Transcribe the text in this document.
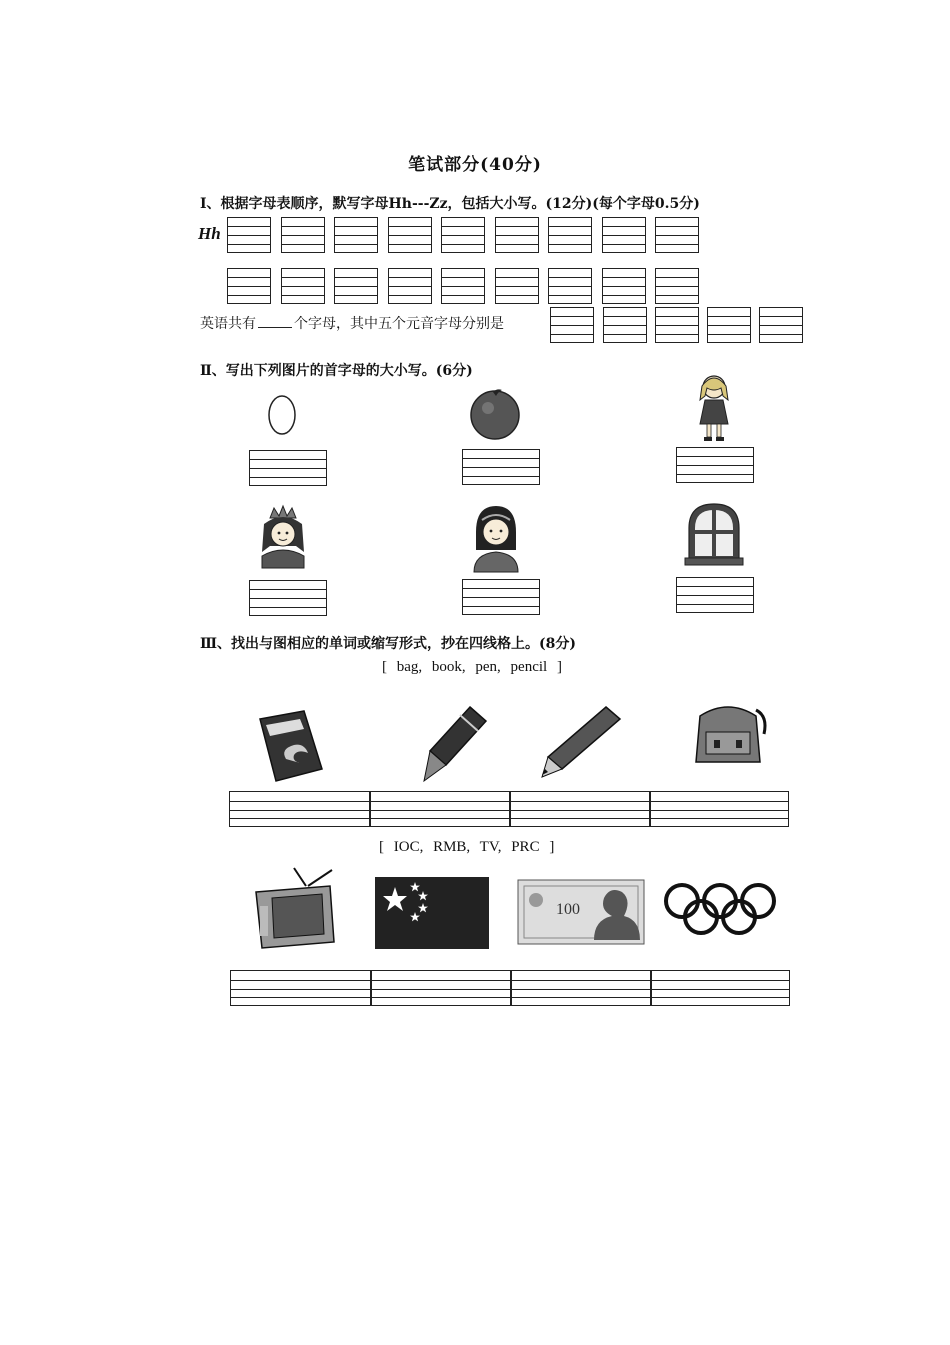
笔试部分(40分)
Ⅰ、根据字母表顺序，默写字母Hh---Zz，包括大小写。(12分)(每个字母0.5分)
Hh
英语共有	个字母，其中五个元音字母分别是
Ⅱ、写出下列图片的首字母的大小写。(6分)
Ⅲ、找出与图相应的单词或缩写形式，抄在四线格上。(8分)
[ bag, book, pen, pencil ]
[ IOC, RMB, TV, PRC ]
100
